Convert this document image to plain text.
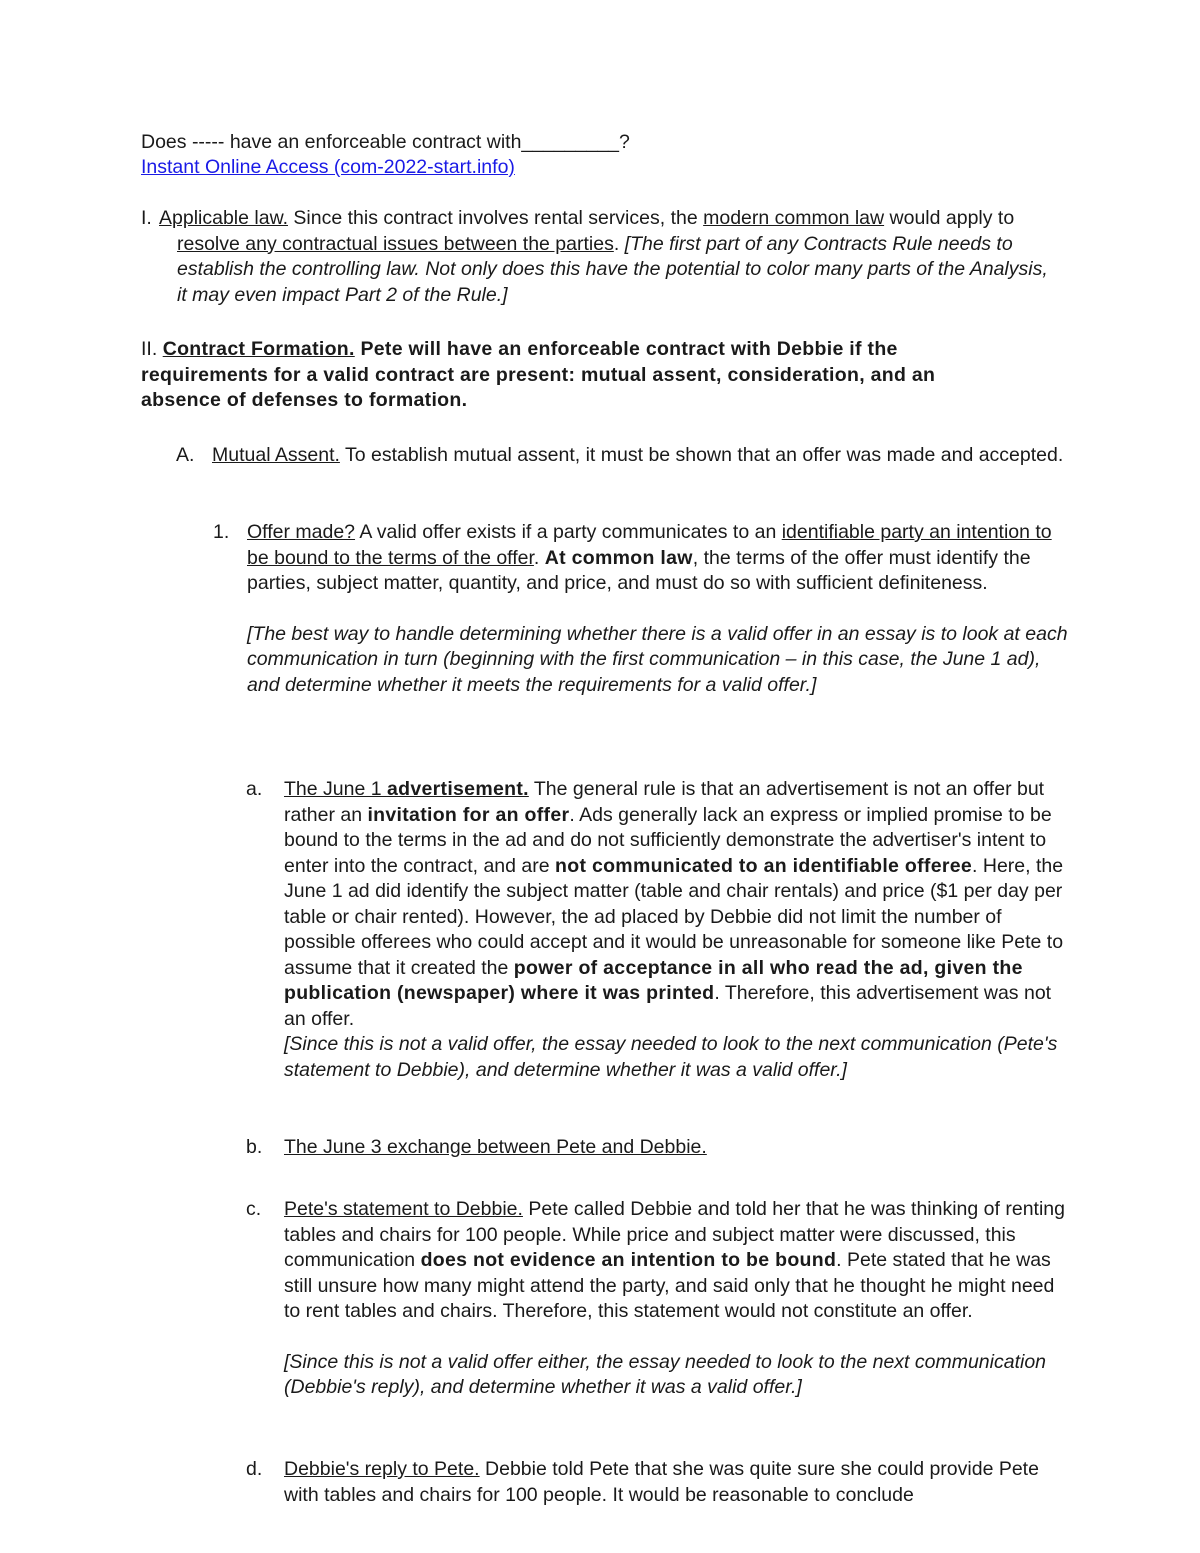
Does ----- have an enforceable contract with_________?
Instant Online Access (com-2022-start.info)
I. Applicable law. Since this contract involves rental services, the modern common law would apply to resolve any contractual issues between the parties. [The first part of any Contracts Rule needs to establish the controlling law. Not only does this have the potential to color many parts of the Analysis, it may even impact Part 2 of the Rule.]

II. Contract Formation. Pete will have an enforceable contract with Debbie if the requirements for a valid contract are present: mutual assent, consideration, and an absence of defenses to formation.

A. Mutual Assent. To establish mutual assent, it must be shown that an offer was made and accepted.

1. Offer made? A valid offer exists if a party communicates to an identifiable party an intention to be bound to the terms of the offer. At common law, the terms of the offer must identify the parties, subject matter, quantity, and price, and must do so with sufficient definiteness.

[The best way to handle determining whether there is a valid offer in an essay is to look at each communication in turn (beginning with the first communication – in this case, the June 1 ad), and determine whether it meets the requirements for a valid offer.]

a.	The June 1 advertisement. The general rule is that an advertisement is not an offer but rather an invitation for an offer. Ads generally lack an express or implied promise to be bound to the terms in the ad and do not sufficiently demonstrate the advertiser's intent to enter into the contract, and are not communicated to an identifiable offeree. Here, the June 1 ad did identify the subject matter (table and chair rentals) and price ($1 per day per table or chair rented). However, the ad placed by Debbie did not limit the number of possible offerees who could accept and it would be unreasonable for someone like Pete to assume that it created the power of acceptance in all who read the ad, given the publication (newspaper) where it was printed. Therefore, this advertisement was not an offer.

[Since this is not a valid offer, the essay needed to look to the next communication (Pete's statement to Debbie), and determine whether it was a valid offer.]

b.	The June 3 exchange between Pete and Debbie.

c.	Pete's statement to Debbie. Pete called Debbie and told her that he was thinking of renting tables and chairs for 100 people. While price and subject matter were discussed, this communication does not evidence an intention to be bound. Pete stated that he was still unsure how many might attend the party, and said only that he thought he might need to rent tables and chairs. Therefore, this statement would not constitute an offer.

[Since this is not a valid offer either, the essay needed to look to the next communication (Debbie's reply), and determine whether it was a valid offer.]

d.	Debbie's reply to Pete. Debbie told Pete that she was quite sure she could provide Pete with tables and chairs for 100 people. It would be reasonable to conclude
